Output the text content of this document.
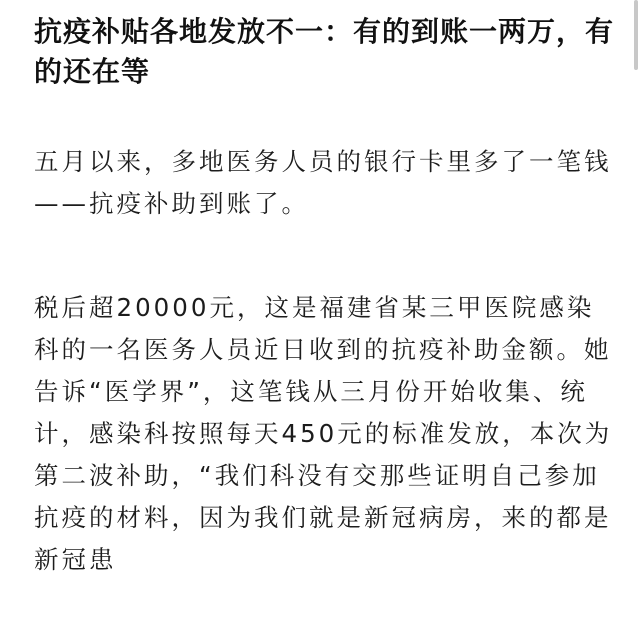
抗疫补贴各地发放不一：有的到账一两万，有的还在等

五月以来，多地医务人员的银行卡里多了一笔钱——抗疫补助到账了。

税后超20000元，这是福建省某三甲医院感染科的一名医务人员近日收到的抗疫补助金额。她告诉“医学界”，这笔钱从三月份开始收集、统计，感染科按照每天450元的标准发放，本次为第二波补助，“我们科没有交那些证明自己参加抗疫的材料，因为我们就是新冠病房，来的都是新冠患
